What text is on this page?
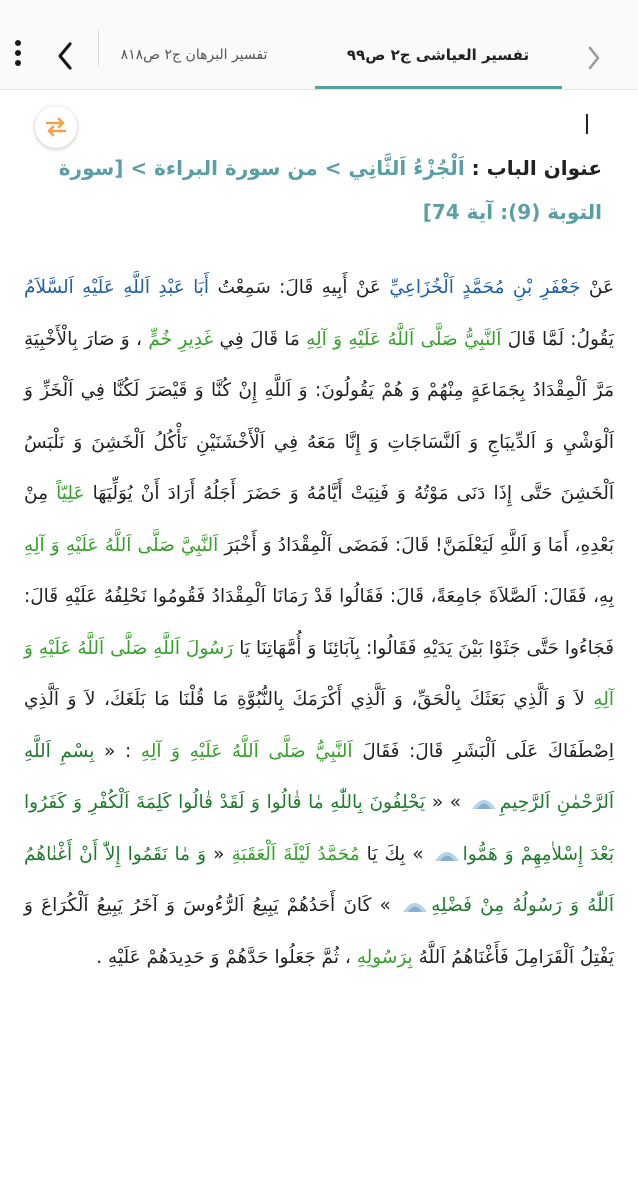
تفسير البرهان ج٢ ص٨١٨	تفسير العياشی ج٢ ص٩٩
عنوان الباب : اَلْجُزْءُ اَلثَّانِي > من سورة البراءة > [سورة التوبة (9): آية 74]
عَنْ جَعْفَرِ بْنِ مُحَمَّدٍ اَلْخُزَاعِيِّ عَنْ أَبِيهِ قَالَ: سَمِعْتُ أَبَا عَبْدِ اَللَّهِ عَلَيْهِ اَلسَّلاَمُ يَقُولُ: لَمَّا قَالَ اَلنَّبِيُّ صَلَّى اَللَّهُ عَلَيْهِ وَ آلِهِ مَا قَالَ فِي غَدِيرِ خُمٍّ ، وَ صَارَ بِالْأَخْبِيَةِ مَرَّ اَلْمِقْدَادُ بِجَمَاعَةٍ مِنْهُمْ وَ هُمْ يَقُولُونَ: وَ اَللَّهِ إِنْ كُنَّا وَ قَيْصَرَ لَكُنَّا فِي اَلْخَزِّ وَ اَلْوَشْيِ وَ اَلدِّيبَاجِ وَ اَلنَّسَاجَاتِ وَ إِنَّا مَعَهُ فِي اَلْأَخْشَنَيْنِ نَأْكُلُ اَلْخَشِنَ وَ نَلْبَسُ اَلْخَشِنَ حَتَّى إِذَا دَنَى مَوْتُهُ وَ فَنِيَتْ أَيَّامُهُ وَ حَضَرَ أَجَلُهُ أَرَادَ أَنْ يُوَلِّيَهَا عَلِيّاً مِنْ بَعْدِهِ، أَمَا وَ اَللَّهِ لَيَعْلَمَنَّ! قَالَ: فَمَضَى اَلْمِقْدَادُ وَ أَخْبَرَ اَلنَّبِيَّ صَلَّى اَللَّهُ عَلَيْهِ وَ آلِهِ بِهِ، فَقَالَ: اَلصَّلاَةَ جَامِعَةً، قَالَ: فَقَالُوا قَدْ رَمَانَا اَلْمِقْدَادُ فَقُومُوا نَحْلِفُهُ عَلَيْهِ قَالَ: فَجَاءُوا حَتَّى جَثَوْا بَيْنَ يَدَيْهِ فَقَالُوا: بِآبَائِنَا وَ أُمَّهَاتِنَا يَا رَسُولَ اَللَّهِ صَلَّى اَللَّهُ عَلَيْهِ وَ آلِهِ لاَ وَ اَلَّذِي بَعَثَكَ بِالْحَقِّ، وَ اَلَّذِي أَكْرَمَكَ بِالنُّبُوَّةِ مَا قُلْنَا مَا بَلَغَكَ، لاَ وَ اَلَّذِي اِصْطَفَاكَ عَلَى اَلْبَشَرِ قَالَ: فَقَالَ اَلنَّبِيُّ صَلَّى اَللَّهُ عَلَيْهِ وَ آلِهِ : « بِسْمِ اَللَّهِ اَلرَّحْمٰنِ اَلرَّحِيمِ » « يَحْلِفُونَ بِاللّٰهِ مٰا قٰالُوا وَ لَقَدْ قٰالُوا كَلِمَةَ اَلْكُفْرِ وَ كَفَرُوا بَعْدَ إِسْلاٰمِهِمْ وَ هَمُّوا » بِكَ يَا مُحَمَّدُ لَيْلَةَ اَلْعَقَبَةِ « وَ مٰا نَقَمُوا إِلاّٰ أَنْ أَغْنٰاهُمُ اَللّٰهُ وَ رَسُولُهُ مِنْ فَضْلِهِ » كَانَ أَحَدُهُمْ يَبِيعُ اَلرُّءُوسَ وَ آخَرُ يَبِيعُ اَلْكُرَاعَ وَ يَفْتِلُ اَلْقَرَامِلَ فَأَغْنَاهُمُ اَللَّهُ بِرَسُولِهِ ، ثُمَّ جَعَلُوا حَدَّهُمْ وَ حَدِيدَهُمْ عَلَيْهِ .
